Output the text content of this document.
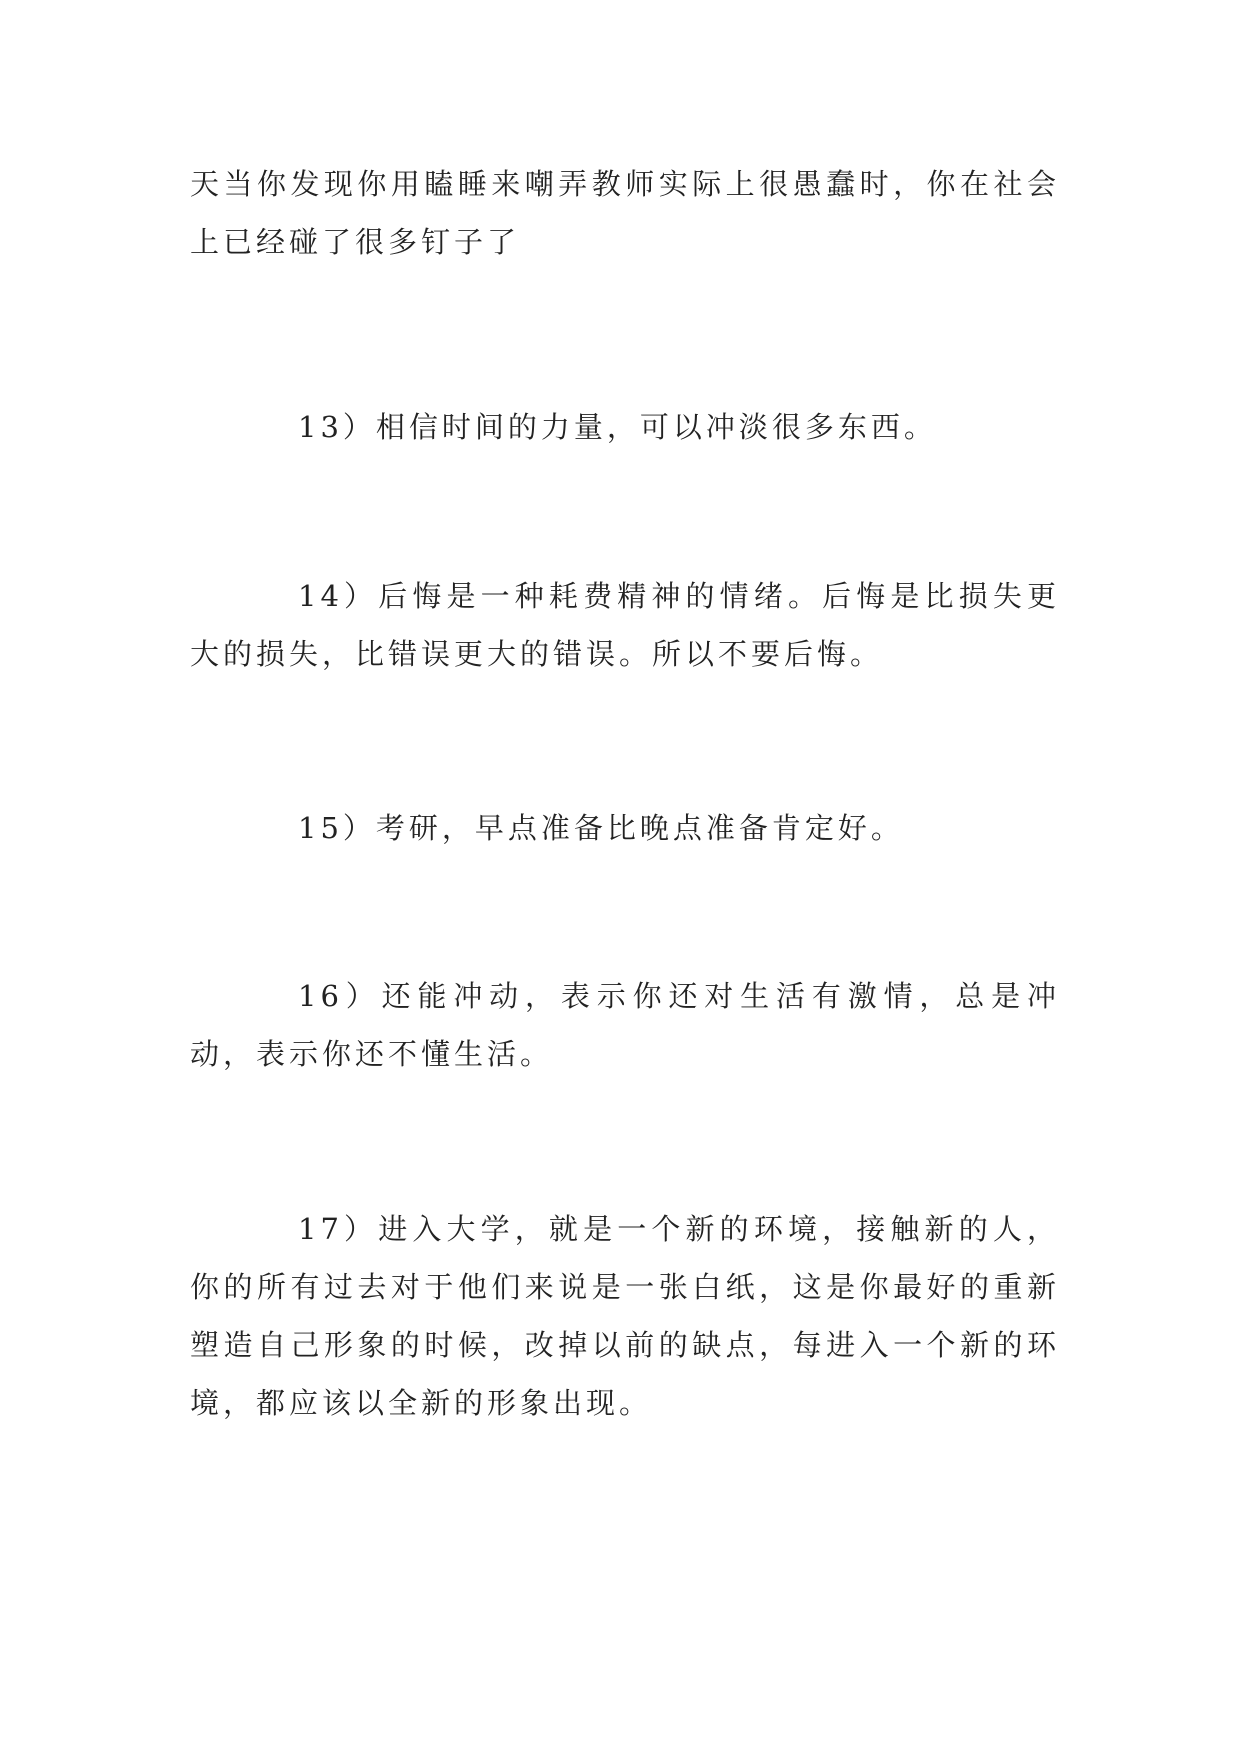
天当你发现你用瞌睡来嘲弄教师实际上很愚蠢时，你在社会上已经碰了很多钉子了

13）相信时间的力量，可以冲淡很多东西。

14）后悔是一种耗费精神的情绪。后悔是比损失更大的损失，比错误更大的错误。所以不要后悔。

15）考研，早点准备比晚点准备肯定好。

16）还能冲动，表示你还对生活有激情，总是冲动，表示你还不懂生活。

17）进入大学，就是一个新的环境，接触新的人，你的所有过去对于他们来说是一张白纸，这是你最好的重新塑造自己形象的时候，改掉以前的缺点，每进入一个新的环境，都应该以全新的形象出现。
